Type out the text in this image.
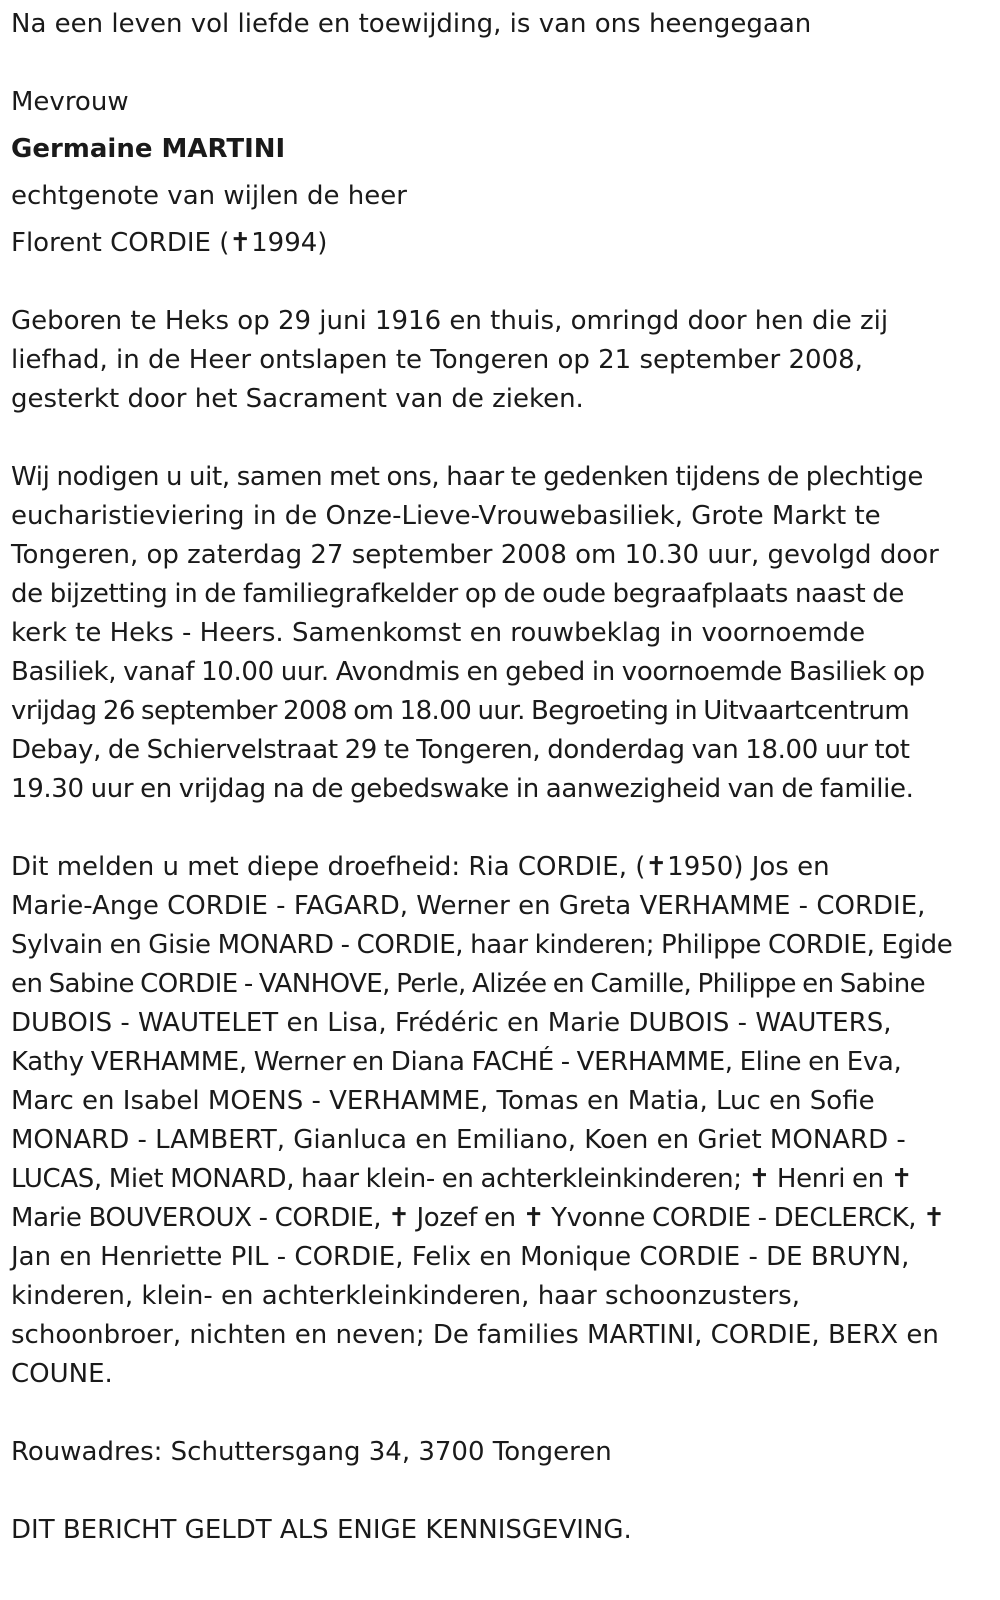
Na een leven vol liefde en toewijding, is van ons heengegaan

Mevrouw

Germaine MARTINI

echtgenote van wijlen de heer

Florent CORDIE (✝1994)

Geboren te Heks op 29 juni 1916 en thuis, omringd door hen die zij
liefhad, in de Heer ontslapen te Tongeren op 21 september 2008,
gesterkt door het Sacrament van de zieken.
Wij nodigen u uit, samen met ons, haar te gedenken tijdens de plechtige
eucharistieviering in de Onze-Lieve-Vrouwebasiliek, Grote Markt te
Tongeren, op zaterdag 27 september 2008 om 10.30 uur, gevolgd door
de bijzetting in de familiegrafkelder op de oude begraafplaats naast de
kerk te Heks - Heers. Samenkomst en rouwbeklag in voornoemde
Basiliek, vanaf 10.00 uur. Avondmis en gebed in voornoemde Basiliek op
vrijdag 26 september 2008 om 18.00 uur. Begroeting in Uitvaartcentrum
Debay, de Schiervelstraat 29 te Tongeren, donderdag van 18.00 uur tot
19.30 uur en vrijdag na de gebedswake in aanwezigheid van de familie.
Dit melden u met diepe droefheid: Ria CORDIE, (✝1950) Jos en
Marie-Ange CORDIE - FAGARD, Werner en Greta VERHAMME - CORDIE,
Sylvain en Gisie MONARD - CORDIE, haar kinderen; Philippe CORDIE, Egide
en Sabine CORDIE - VANHOVE, Perle, Alizée en Camille, Philippe en Sabine
DUBOIS - WAUTELET en Lisa, Frédéric en Marie DUBOIS - WAUTERS,
Kathy VERHAMME, Werner en Diana FACHÉ - VERHAMME, Eline en Eva,
Marc en Isabel MOENS - VERHAMME, Tomas en Matia, Luc en Sofie
MONARD - LAMBERT, Gianluca en Emiliano, Koen en Griet MONARD -
LUCAS, Miet MONARD, haar klein- en achterkleinkinderen; ✝ Henri en ✝
Marie BOUVEROUX - CORDIE, ✝ Jozef en ✝ Yvonne CORDIE - DECLERCK, ✝
Jan en Henriette PIL - CORDIE, Felix en Monique CORDIE - DE BRUYN,
kinderen, klein- en achterkleinkinderen, haar schoonzusters,
schoonbroer, nichten en neven; De families MARTINI, CORDIE, BERX en
COUNE.

Rouwadres: Schuttersgang 34, 3700 Tongeren

DIT BERICHT GELDT ALS ENIGE KENNISGEVING.
